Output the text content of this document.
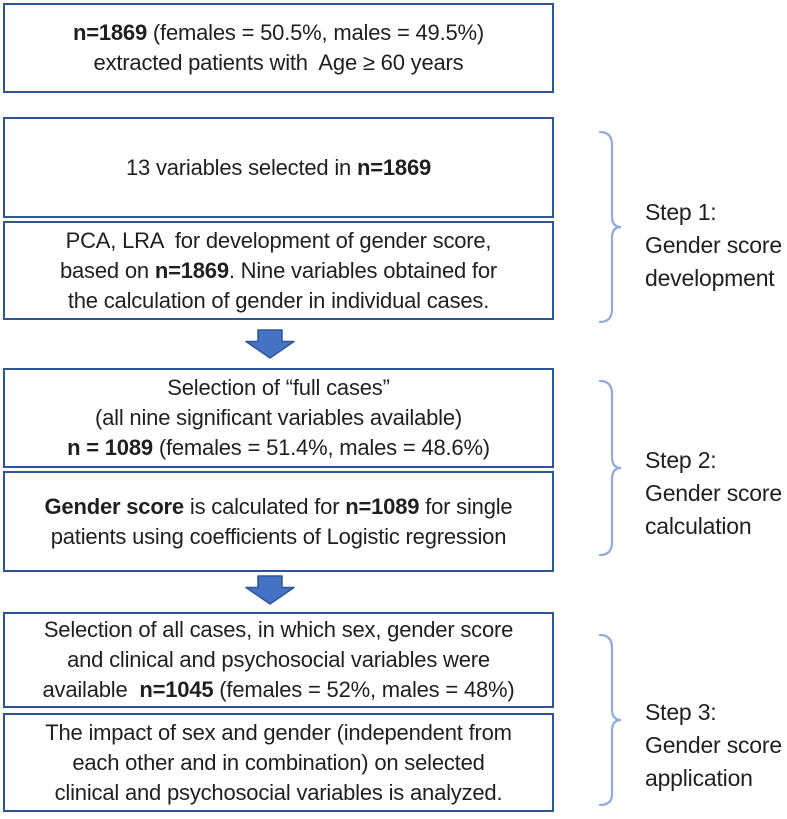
n=1869 (females = 50.5%, males = 49.5%)
extracted patients with  Age ≥ 60 years
13 variables selected in n=1869
PCA, LRA  for development of gender score,
based on n=1869. Nine variables obtained for
the calculation of gender in individual cases.
Selection of “full cases”
(all nine significant variables available)
n = 1089 (females = 51.4%, males = 48.6%)
Gender score is calculated for n=1089 for single
patients using coefficients of Logistic regression
Selection of all cases, in which sex, gender score
and clinical and psychosocial variables were
available  n=1045 (females = 52%, males = 48%)
The impact of sex and gender (independent from
each other and in combination) on selected
clinical and psychosocial variables is analyzed.
Step 1:
Gender score
development
Step 2:
Gender score
calculation
Step 3:
Gender score
application
